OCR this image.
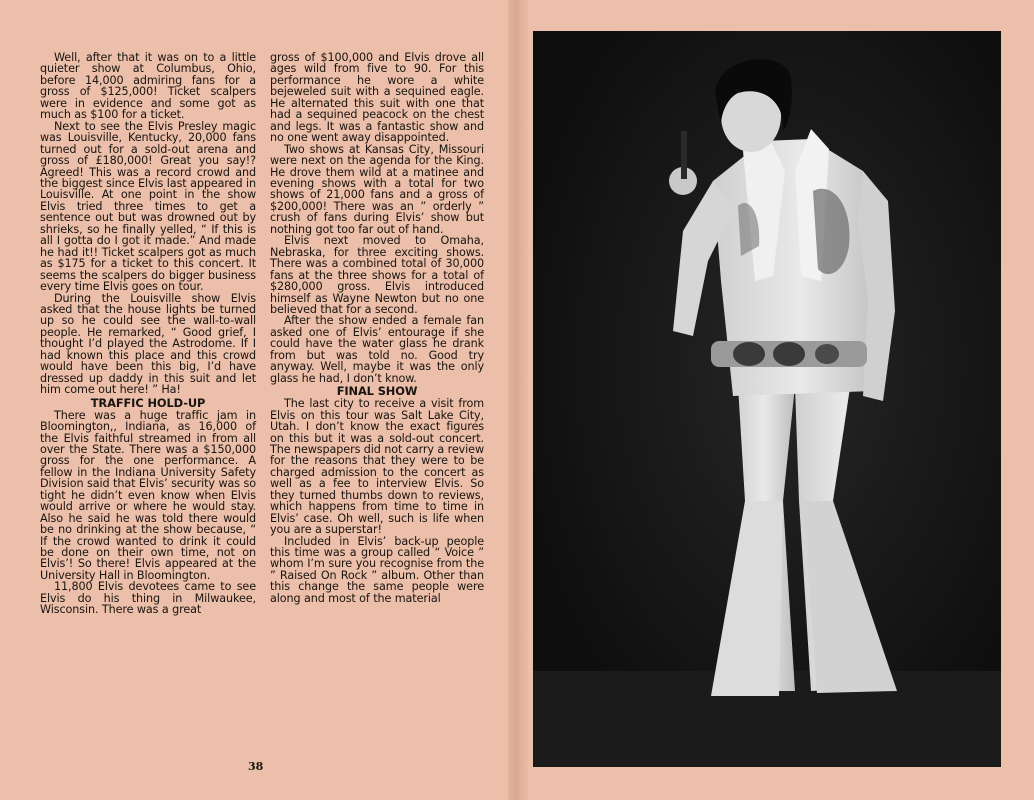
Well, after that it was on to a little quieter show at Columbus, Ohio, before 14,000 admiring fans for a gross of $125,000! Ticket scalpers were in evidence and some got as much as $100 for a ticket.

Next to see the Elvis Presley magic was Louisville, Kentucky, 20,000 fans turned out for a sold-out arena and gross of £180,000! Great you say!? Agreed! This was a record crowd and the biggest since Elvis last appeared in Louisville. At one point in the show Elvis tried three times to get a sentence out but was drowned out by shrieks, so he finally yelled, “ If this is all I gotta do I got it made.” And made he had it!! Ticket scalpers got as much as $175 for a ticket to this concert. It seems the scalpers do bigger business every time Elvis goes on tour.

During the Louisville show Elvis asked that the house lights be turned up so he could see the wall-to-wall people. He remarked, “ Good grief, I thought I’d played the Astrodome. If I had known this place and this crowd would have been this big, I’d have dressed up daddy in this suit and let him come out here! ” Ha!

TRAFFIC HOLD-UP

There was a huge traffic jam in Bloomington,, Indiana, as 16,000 of the Elvis faithful streamed in from all over the State. There was a $150,000 gross for the one performance. A fellow in the Indiana University Safety Division said that Elvis’ security was so tight he didn’t even know when Elvis would arrive or where he would stay. Also he said he was told there would be no drinking at the show because, “ If the crowd wanted to drink it could be done on their own time, not on Elvis’! So there! Elvis appeared at the University Hall in Bloomington.

11,800 Elvis devotees came to see Elvis do his thing in Milwaukee, Wisconsin. There was a great

gross of $100,000 and Elvis drove all ages wild from five to 90. For this performance he wore a white bejeweled suit with a sequined eagle. He alternated this suit with one that had a sequined peacock on the chest and legs. It was a fantastic show and no one went away disappointed.

Two shows at Kansas City, Missouri were next on the agenda for the King. He drove them wild at a matinee and evening shows with a total for two shows of 21,000 fans and a gross of $200,000! There was an ” orderly ” crush of fans during Elvis’ show but nothing got too far out of hand.

Elvis next moved to Omaha, Nebraska, for three exciting shows. There was a combined total of 30,000 fans at the three shows for a total of $280,000 gross. Elvis introduced himself as Wayne Newton but no one believed that for a second.

After the show ended a female fan asked one of Elvis’ entourage if she could have the water glass he drank from but was told no. Good try anyway. Well, maybe it was the only glass he had, I don’t know.

FINAL SHOW

The last city to receive a visit from Elvis on this tour was Salt Lake City, Utah. I don’t know the exact figures on this but it was a sold-out concert. The newspapers did not carry a review for the reasons that they were to be charged admission to the concert as well as a fee to interview Elvis. So they turned thumbs down to reviews, which happens from time to time in Elvis’ case. Oh well, such is life when you are a superstar!

Included in Elvis’ back-up people this time was a group called “ Voice ” whom I’m sure you recognise from the ” Raised On Rock ” album. Other than this change the same people were along and most of the material

38
